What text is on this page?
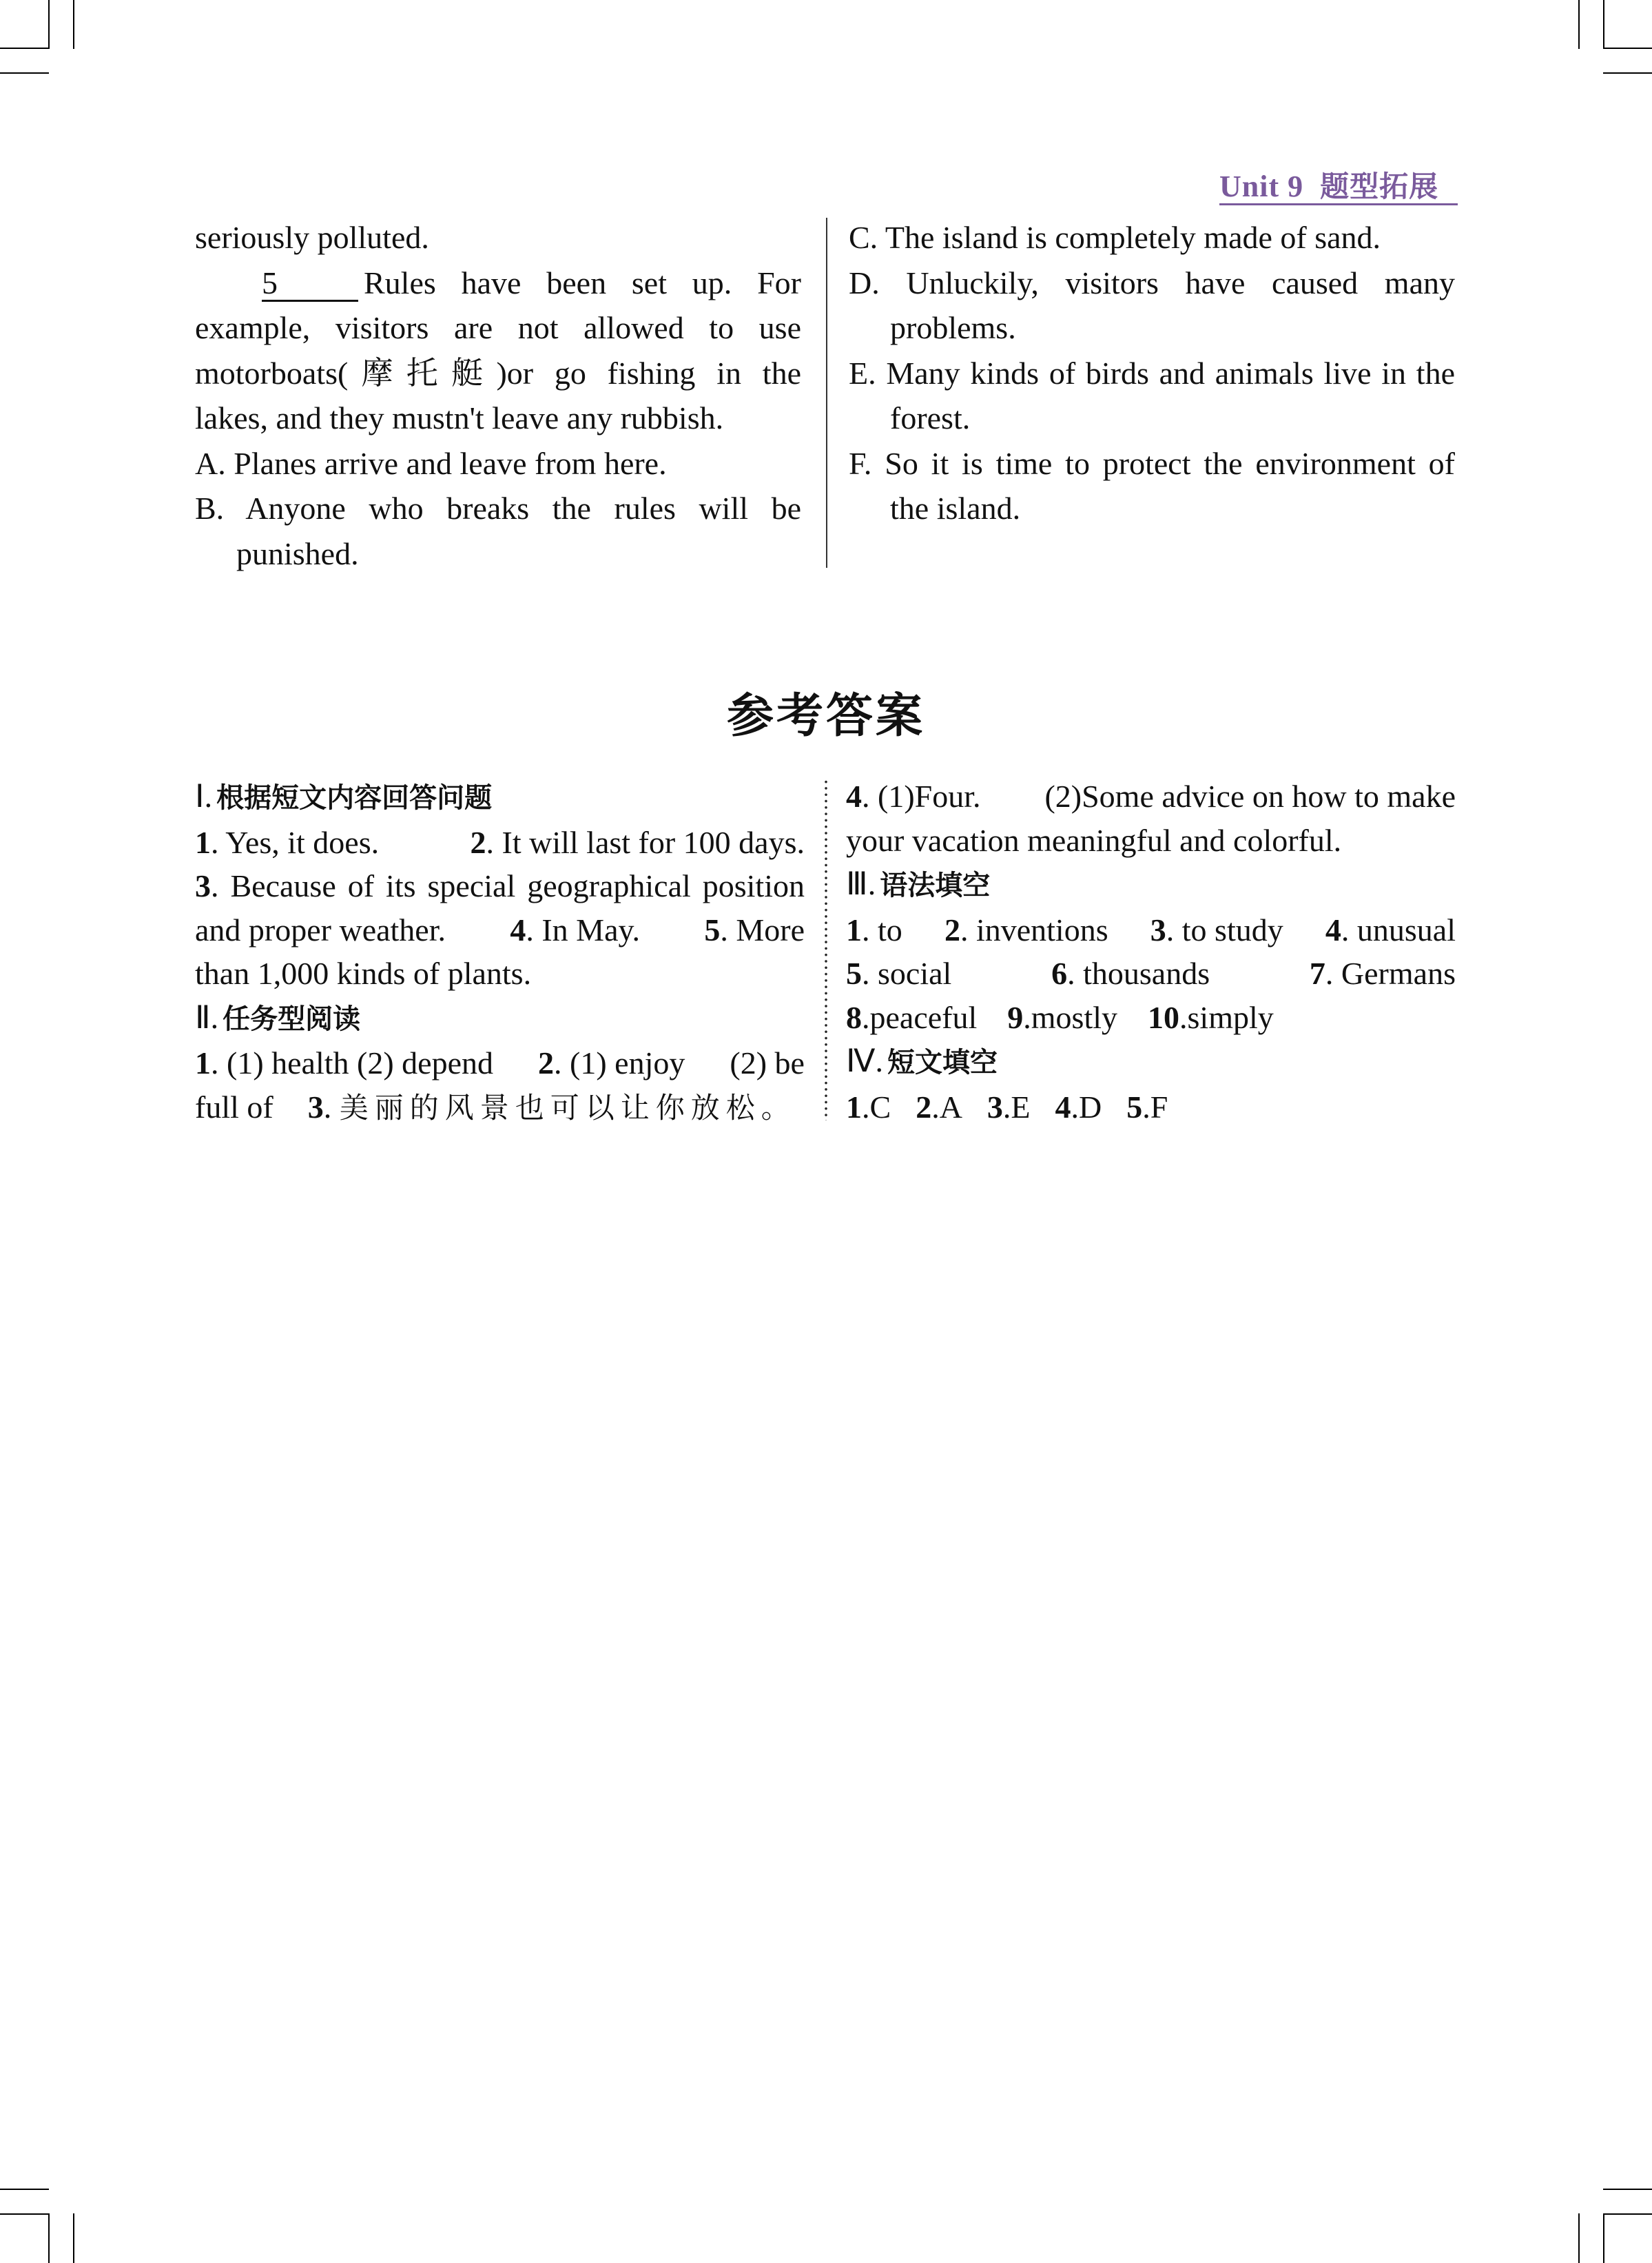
Unit 9 题型拓展

seriously polluted.

5	Rules have been set up. For

example, visitors are not allowed to use

motorboats(摩托艇)or go fishing in the

lakes, and they mustn't leave any rubbish.

A. Planes arrive and leave from here.

B. Anyone who breaks the rules will be punished.

C. The island is completely made of sand.

D. Unluckily, visitors have caused many problems.

E. Many kinds of birds and animals live in the forest.

F. So it is time to protect the environment of the island.

参考答案

Ⅰ. 根据短文内容回答问题

1. Yes, it does.	2. It will last for 100 days.

3. Because of its special geographical position

and proper weather. 4. In May. 5. More

than 1,000 kinds of plants.

Ⅱ. 任务型阅读

1. (1) health (2) depend 2. (1) enjoy (2) be

full of 3. 美丽的风景也可以让你放松。

4. (1)Four. (2)Some advice on how to make

your vacation meaningful and colorful.

Ⅲ. 语法填空

1. to 2. inventions 3. to study 4. unusual

5. social	6. thousands	7. Germans

8.peaceful 9.mostly 10.simply

Ⅳ. 短文填空

1.C 2.A 3.E 4.D 5.F
